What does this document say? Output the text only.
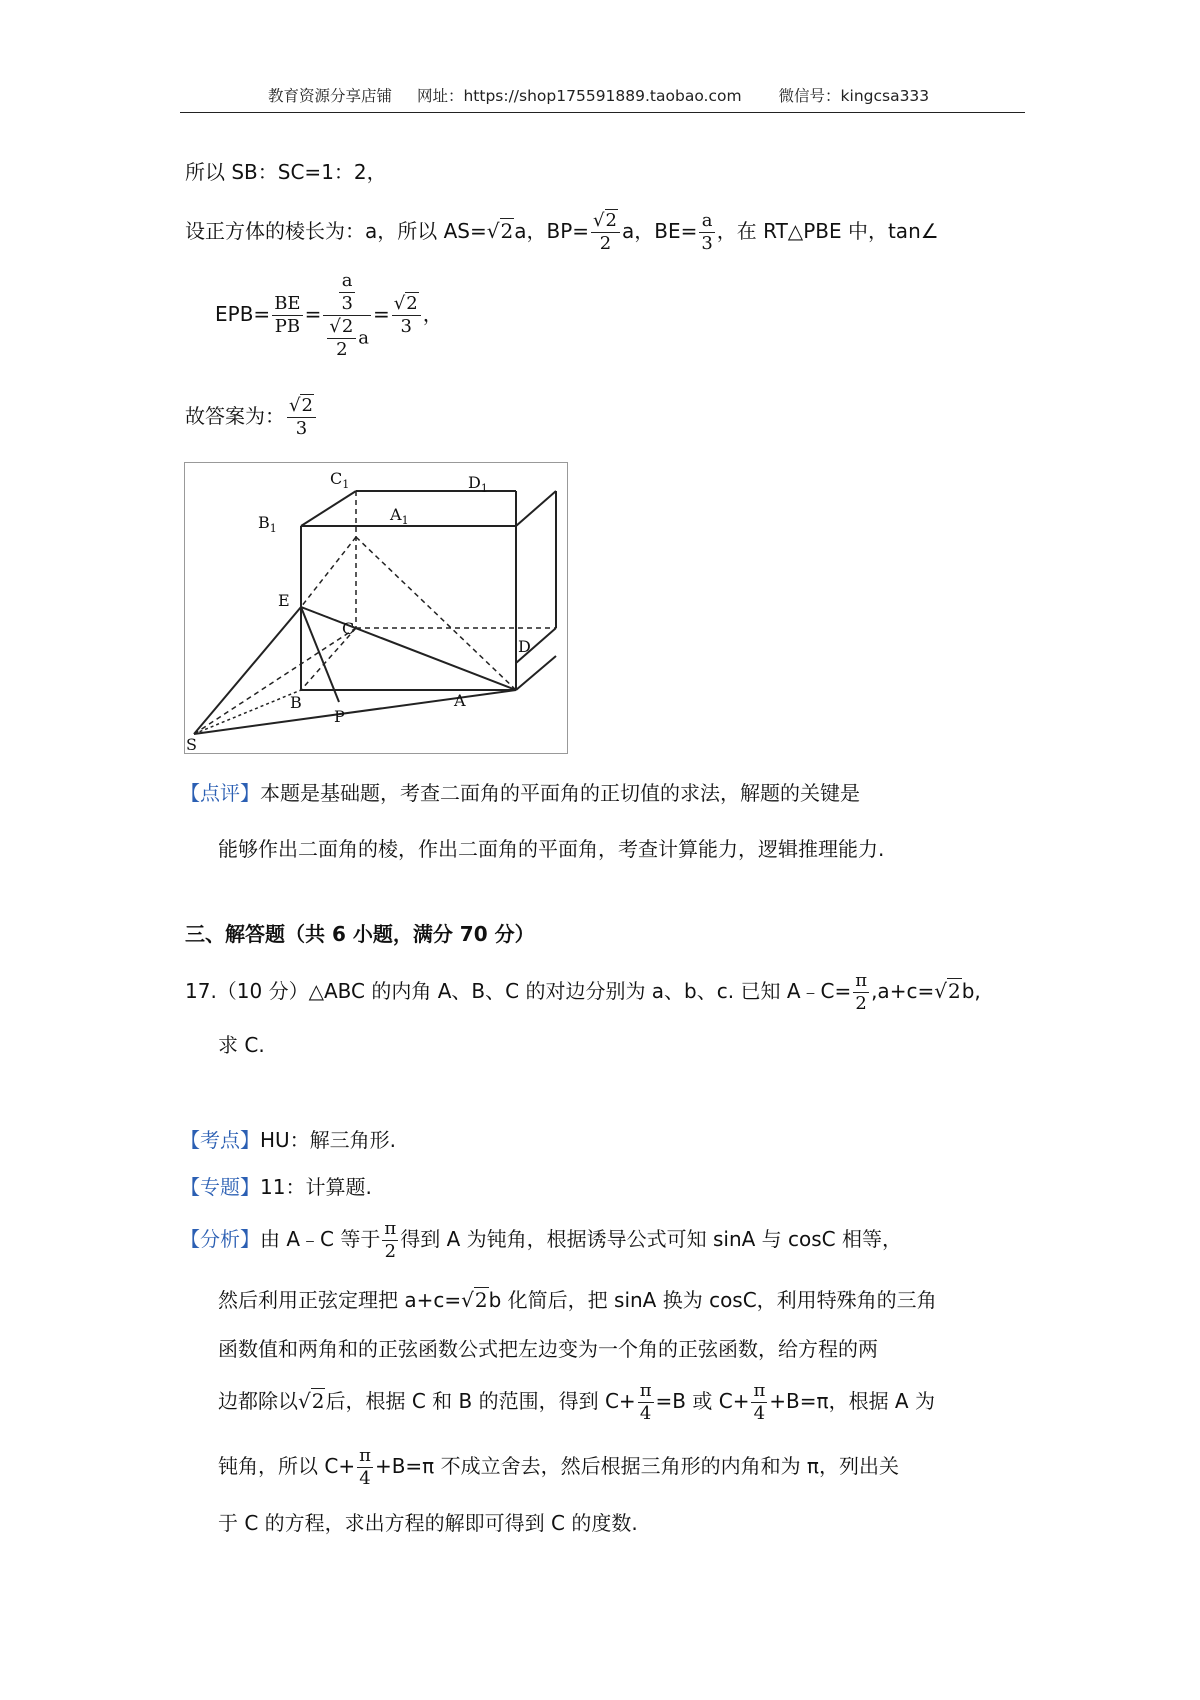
教育资源分享店铺 网址：https://shop175591889.taobao.com 微信号：kingcsa333
所以 SB：SC=1：2，
设正方体的棱长为：a，所以 AS=√2a，$BP= \frac{√2}{2}$ a，$BE= \frac{a}{3}$ ，在 RT△PBE 中，tan∠
$EPB= \frac{BE}{PB} = \frac{\frac{a}{3}}{\frac{√2}{2} a} = \frac{√2}{3}$ ，
故答案为： $\frac{√2}{3}$
$C_1$	$D_1$
$B_1$
$A_1$
E
C
D
B	A
P
S
【点评】本题是基础题，考查二面角的平面角的正切值的求法，解题的关键是
能够作出二面角的棱，作出二面角的平面角，考查计算能力，逻辑推理能力.
三、解答题（共 6 小题，满分 70 分）
17.（10 分）△ABC 的内角 A、B、C 的对边分别为 a、b、c. 已知 A﹣C= $\frac{\pi}{2} ,a+c=√2b$,
求 C.
【考点】HU：解三角形.
【专题】11：计算题.
【分析】由 A﹣C 等于 $\frac{\pi}{2}$ 得到 A 为钝角，根据诱导公式可知 sinA 与 cosC 相等，
然后利用正弦定理把 a+c=√2b 化简后，把 sinA 换为 cosC，利用特殊角的三角
函数值和两角和的正弦函数公式把左边变为一个角的正弦函数，给方程的两
边都除以√2后，根据 C 和 B 的范围，得到 $C+ \frac{\pi}{4} =B$ 或 $C+ \frac{\pi}{4} +B=\pi$，根据 A 为
钝角，所以 $C+ \frac{\pi}{4} +B=\pi$ 不成立舍去，然后根据三角形的内角和为 π，列出关
于 C 的方程，求出方程的解即可得到 C 的度数.
